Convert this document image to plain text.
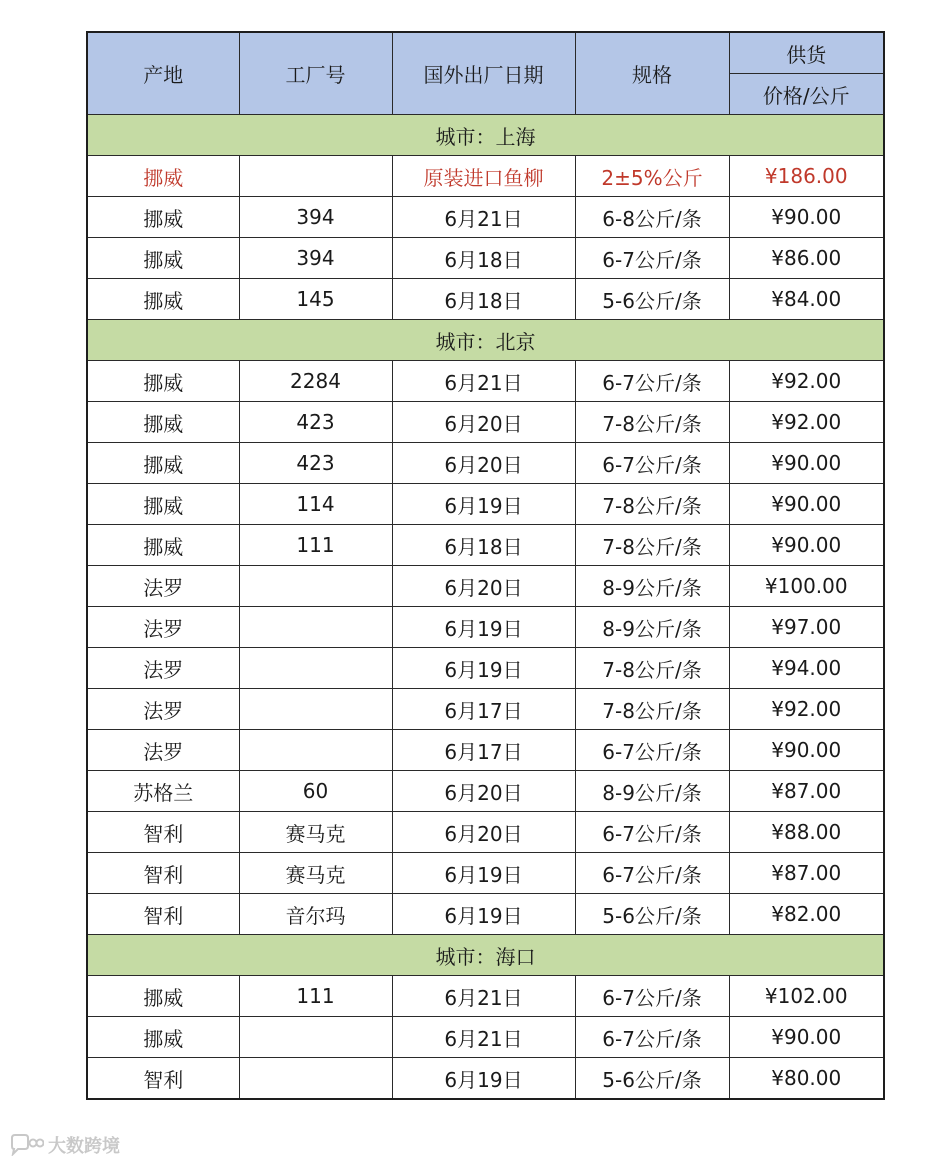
产地	工厂号	国外出厂日期	规格	供货
				价格/公斤
城市：上海				
挪威		原装进口鱼柳	2±5%公斤	¥186.00
挪威	394	6月21日	6-8公斤/条	¥90.00
挪威	394	6月18日	6-7公斤/条	¥86.00
挪威	145	6月18日	5-6公斤/条	¥84.00
城市：北京				
挪威	2284	6月21日	6-7公斤/条	¥92.00
挪威	423	6月20日	7-8公斤/条	¥92.00
挪威	423	6月20日	6-7公斤/条	¥90.00
挪威	114	6月19日	7-8公斤/条	¥90.00
挪威	111	6月18日	7-8公斤/条	¥90.00
法罗		6月20日	8-9公斤/条	¥100.00
法罗		6月19日	8-9公斤/条	¥97.00
法罗		6月19日	7-8公斤/条	¥94.00
法罗		6月17日	7-8公斤/条	¥92.00
法罗		6月17日	6-7公斤/条	¥90.00
苏格兰	60	6月20日	8-9公斤/条	¥87.00
智利	赛马克	6月20日	6-7公斤/条	¥88.00
智利	赛马克	6月19日	6-7公斤/条	¥87.00
智利	音尔玛	6月19日	5-6公斤/条	¥82.00
城市：海口				
挪威	111	6月21日	6-7公斤/条	¥102.00
挪威		6月21日	6-7公斤/条	¥90.00
智利		6月19日	5-6公斤/条	¥80.00
大数跨境
